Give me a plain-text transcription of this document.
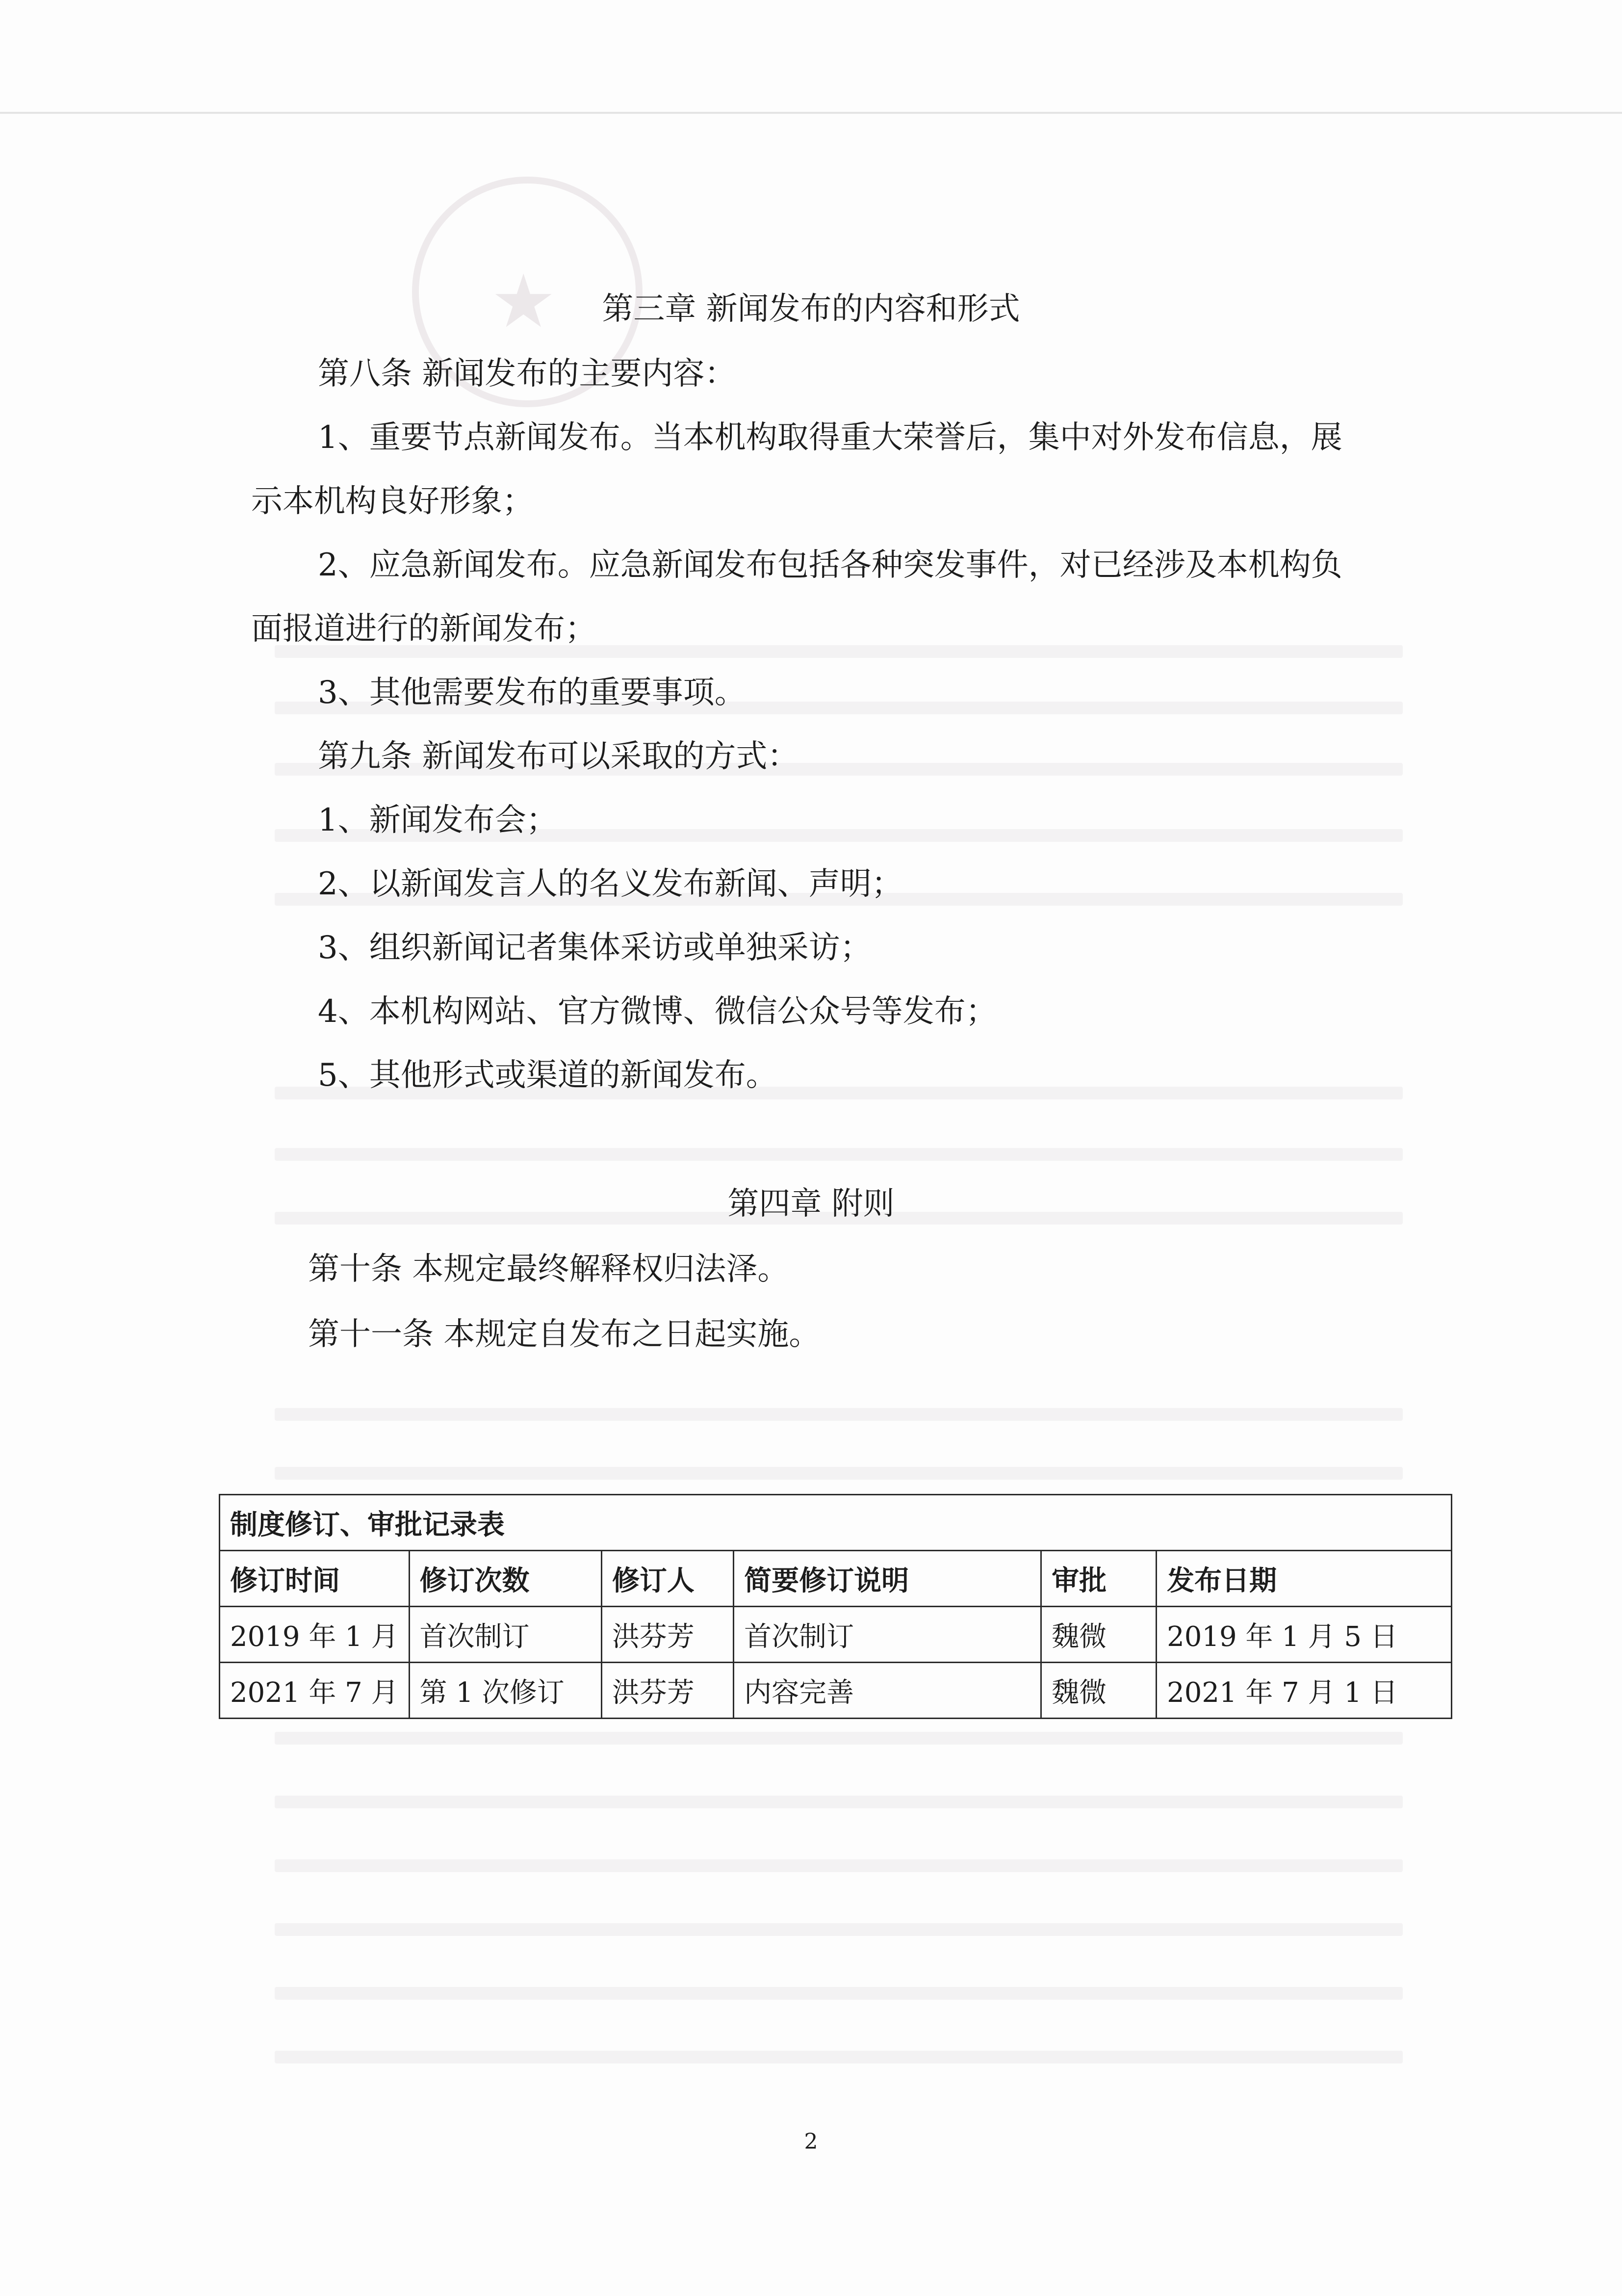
★	第三章 新闻发布的内容和形式
第八条 新闻发布的主要内容：
1、重要节点新闻发布。当本机构取得重大荣誉后，集中对外发布信息，展
示本机构良好形象；
2、应急新闻发布。应急新闻发布包括各种突发事件，对已经涉及本机构负
面报道进行的新闻发布；
3、其他需要发布的重要事项。
第九条 新闻发布可以采取的方式：
1、新闻发布会；
2、以新闻发言人的名义发布新闻、声明；
3、组织新闻记者集体采访或单独采访；
4、本机构网站、官方微博、微信公众号等发布；
5、其他形式或渠道的新闻发布。
第四章 附则
第十条 本规定最终解释权归法泽。
第十一条 本规定自发布之日起实施。
制度修订、审批记录表					
修订时间	修订次数	修订人	简要修订说明	审批	发布日期
2019 年 1 月	首次制订	洪芬芳	首次制订	魏微	2019 年 1 月 5 日
2021 年 7 月	第 1 次修订	洪芬芳	内容完善	魏微	2021 年 7 月 1 日
2
